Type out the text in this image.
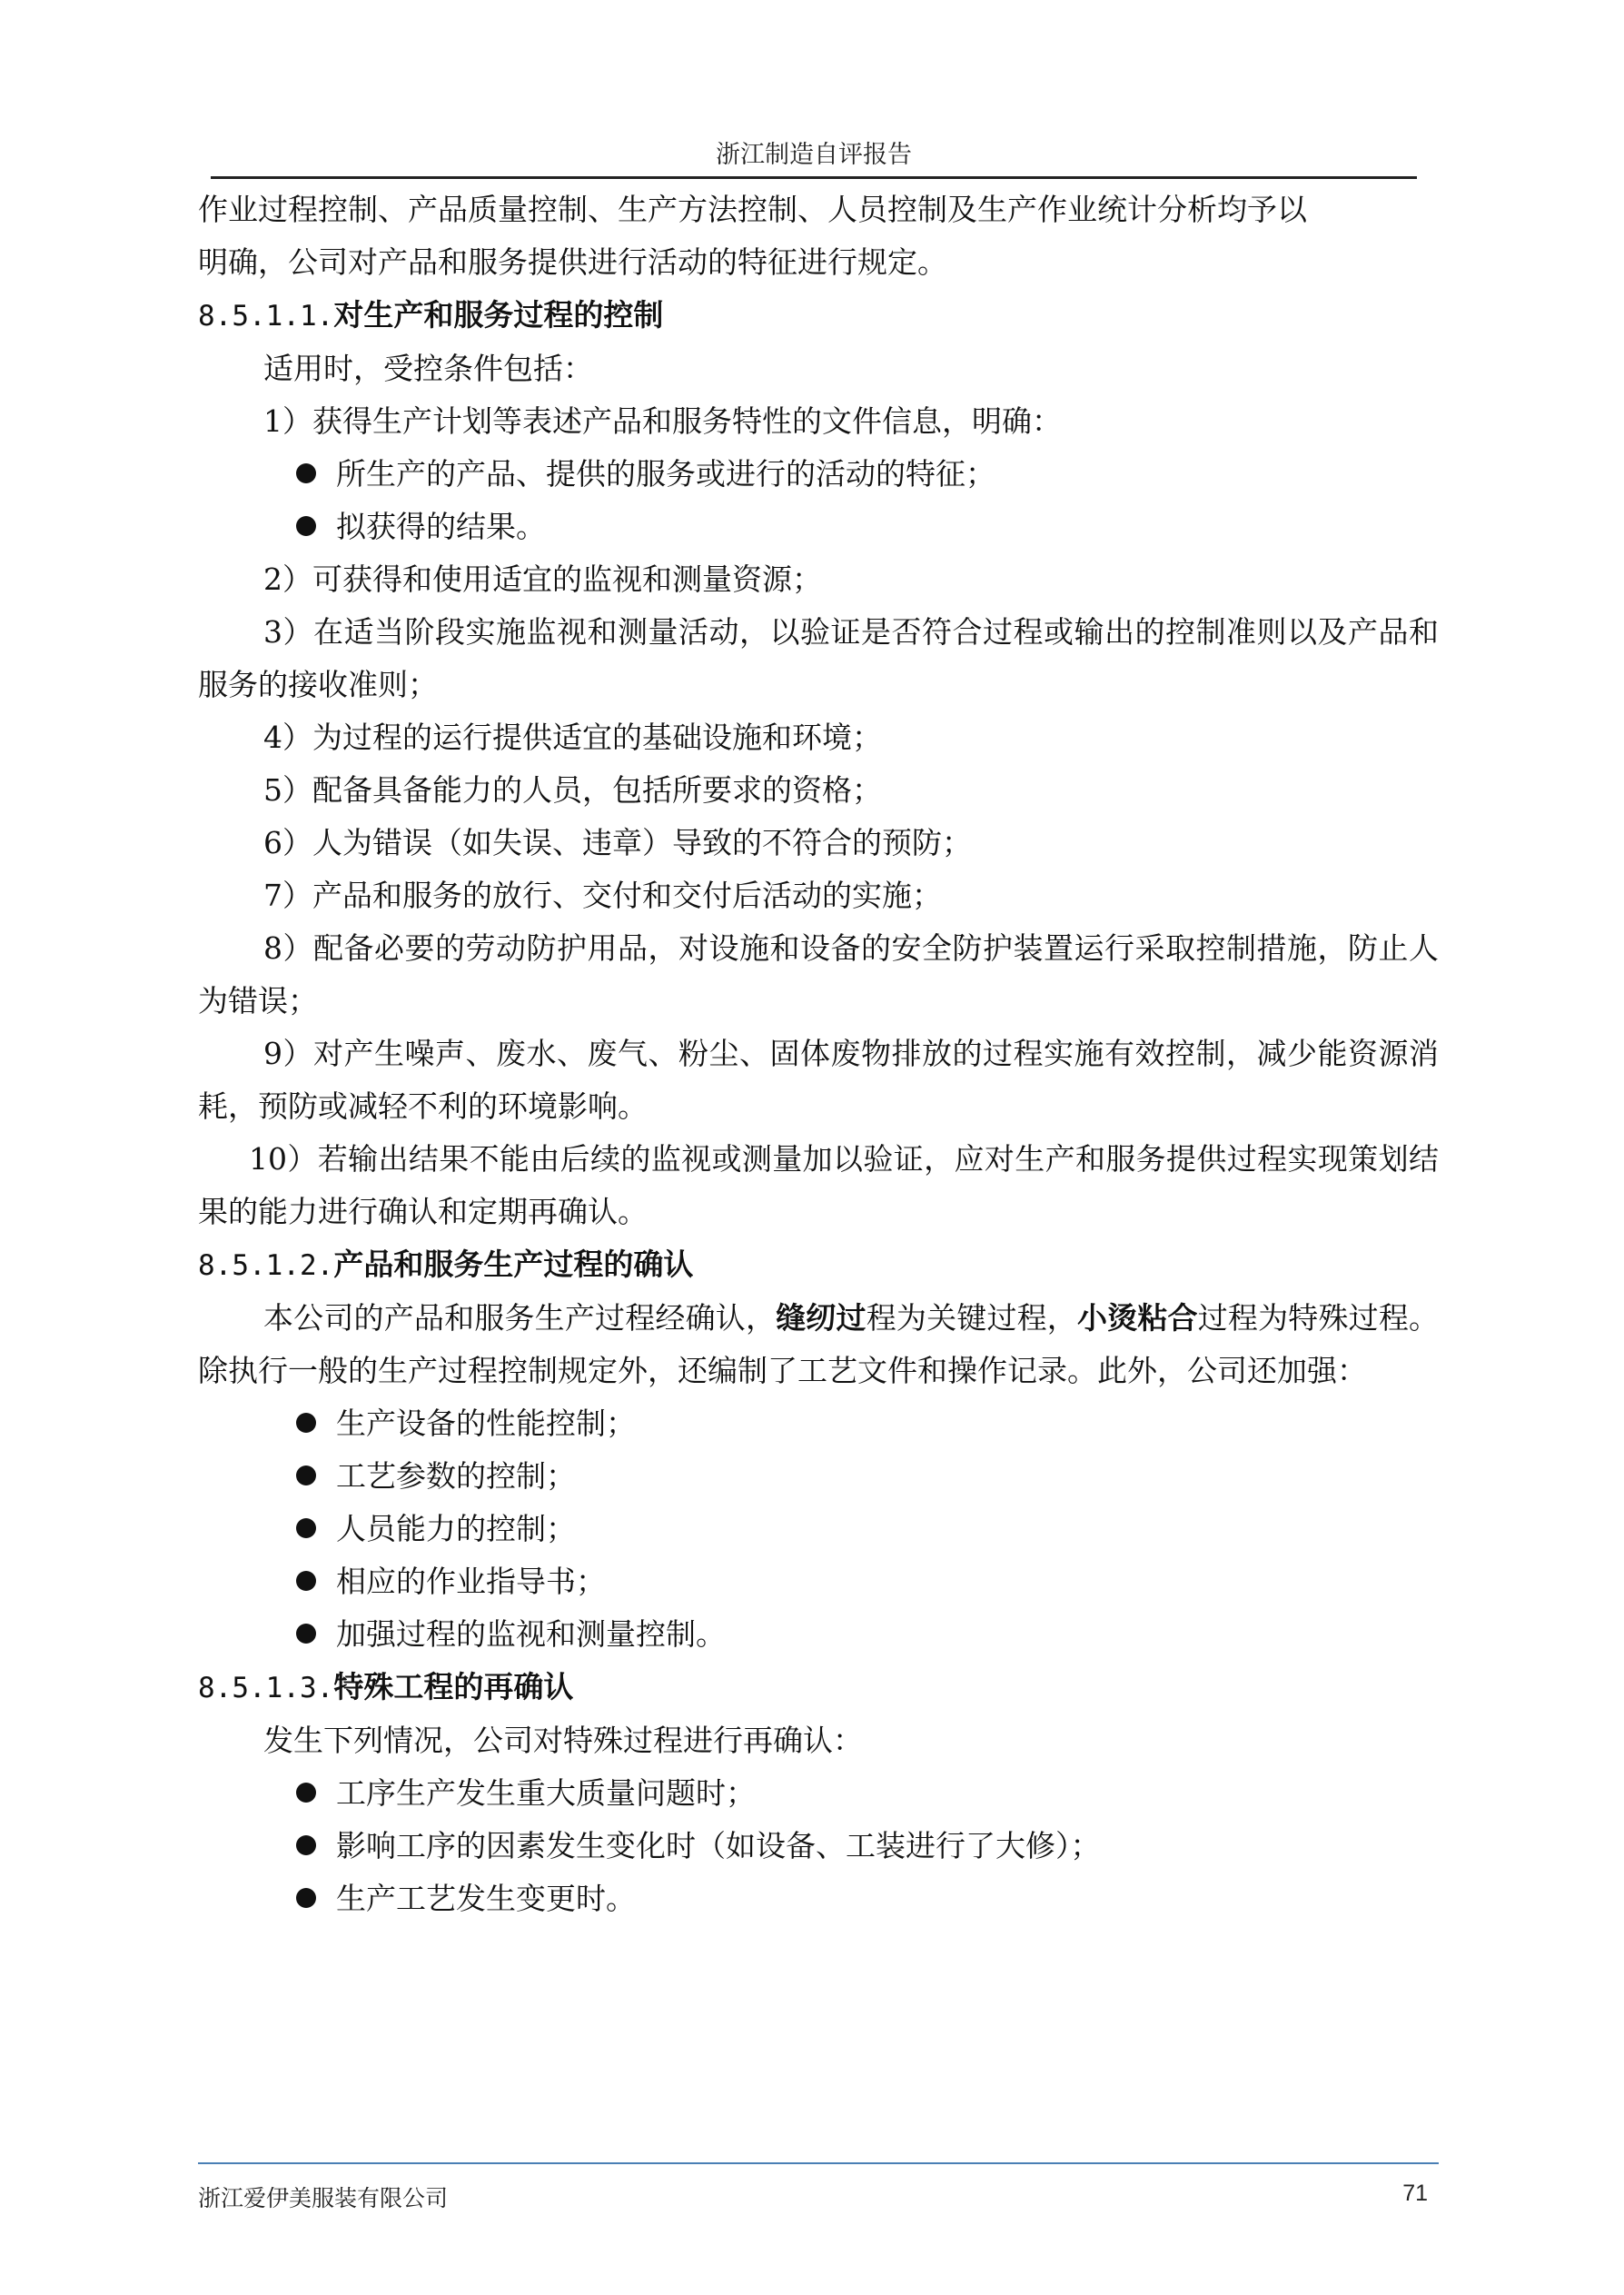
浙江制造自评报告

作业过程控制、产品质量控制、生产方法控制、人员控制及生产作业统计分析均予以

明确，公司对产品和服务提供进行活动的特征进行规定。

8.5.1.1.对生产和服务过程的控制

适用时，受控条件包括：

1）获得生产计划等表述产品和服务特性的文件信息，明确：

所生产的产品、提供的服务或进行的活动的特征；

拟获得的结果。

2）可获得和使用适宜的监视和测量资源；

3）在适当阶段实施监视和测量活动，以验证是否符合过程或输出的控制准则以及产品和服务的接收准则；

4）为过程的运行提供适宜的基础设施和环境；

5）配备具备能力的人员，包括所要求的资格；

6）人为错误（如失误、违章）导致的不符合的预防；

7）产品和服务的放行、交付和交付后活动的实施；

8）配备必要的劳动防护用品，对设施和设备的安全防护装置运行采取控制措施，防止人为错误；

9）对产生噪声、废水、废气、粉尘、固体废物排放的过程实施有效控制，减少能资源消耗，预防或减轻不利的环境影响。

10）若输出结果不能由后续的监视或测量加以验证，应对生产和服务提供过程实现策划结果的能力进行确认和定期再确认。

8.5.1.2.产品和服务生产过程的确认

本公司的产品和服务生产过程经确认，缝纫过程为关键过程，小烫粘合过程为特殊过程。除执行一般的生产过程控制规定外，还编制了工艺文件和操作记录。此外，公司还加强：

生产设备的性能控制；

工艺参数的控制；

人员能力的控制；

相应的作业指导书；

加强过程的监视和测量控制。

8.5.1.3.特殊工程的再确认

发生下列情况，公司对特殊过程进行再确认：

工序生产发生重大质量问题时；

影响工序的因素发生变化时（如设备、工装进行了大修）；

生产工艺发生变更时。

浙江爱伊美服装有限公司	71
